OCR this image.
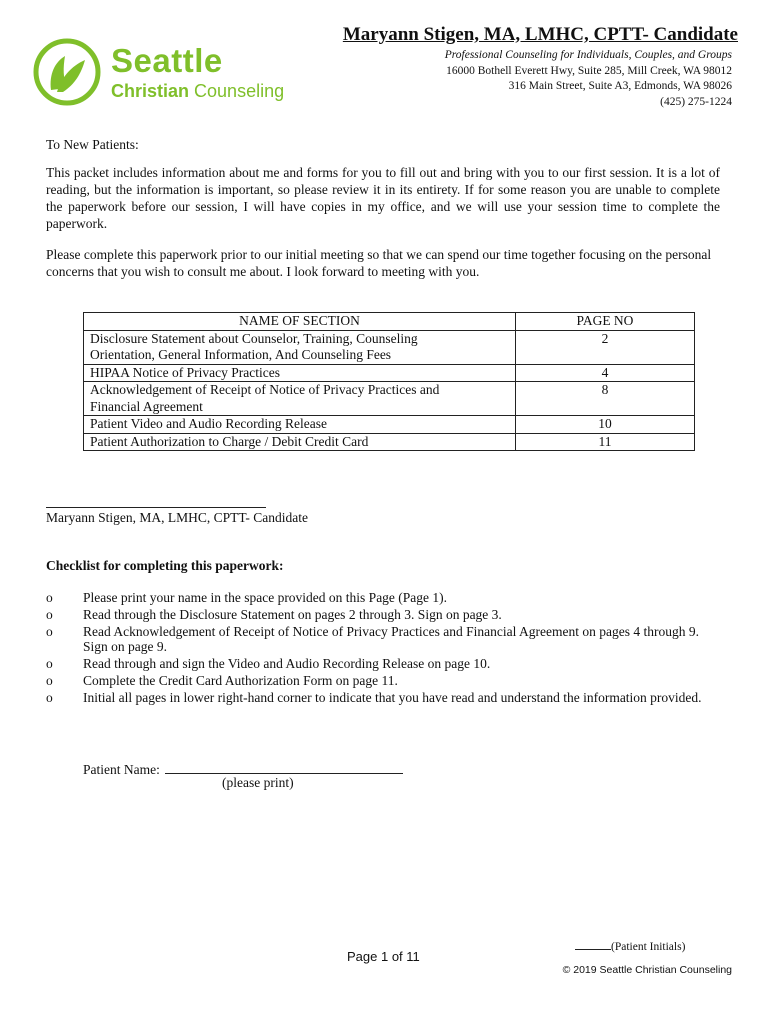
Seattle
Christian Counseling
Maryann Stigen, MA, LMHC, CPTT- Candidate
Professional Counseling for Individuals, Couples, and Groups
16000 Bothell Everett Hwy, Suite 285, Mill Creek, WA 98012
316 Main Street, Suite A3, Edmonds, WA 98026
(425) 275-1224
To New Patients:
This packet includes information about me and forms for you to fill out and bring with you to our first session. It is a lot of reading, but the information is important, so please review it in its entirety. If for some reason you are unable to complete the paperwork before our session, I will have copies in my office, and we will use your session time to complete the paperwork.
Please complete this paperwork prior to our initial meeting so that we can spend our time together focusing on the personal concerns that you wish to consult me about. I look forward to meeting with you.
NAME OF SECTION	PAGE NO

Disclosure Statement about Counselor, Training, Counseling
Orientation, General Information, And Counseling Fees	2
HIPAA Notice of Privacy Practices	4

Acknowledgement of Receipt of Notice of Privacy Practices and
Financial Agreement	8
Patient Video and Audio Recording Release	10
Patient Authorization to Charge / Debit Credit Card	11
Maryann Stigen, MA, LMHC, CPTT- Candidate
Checklist for completing this paperwork:
o Please print your name in the space provided on this Page (Page 1).
o Read through the Disclosure Statement on pages 2 through 3. Sign on page 3.
o Read Acknowledgement of Receipt of Notice of Privacy Practices and Financial Agreement on pages 4 through 9.
Sign on page 9.
o Read through and sign the Video and Audio Recording Release on page 10.
o Complete the Credit Card Authorization Form on page 11.
o Initial all pages in lower right-hand corner to indicate that you have read and understand the information provided.
Patient Name:
(please print)
(Patient Initials)
Page 1 of 11
© 2019 Seattle Christian Counseling
